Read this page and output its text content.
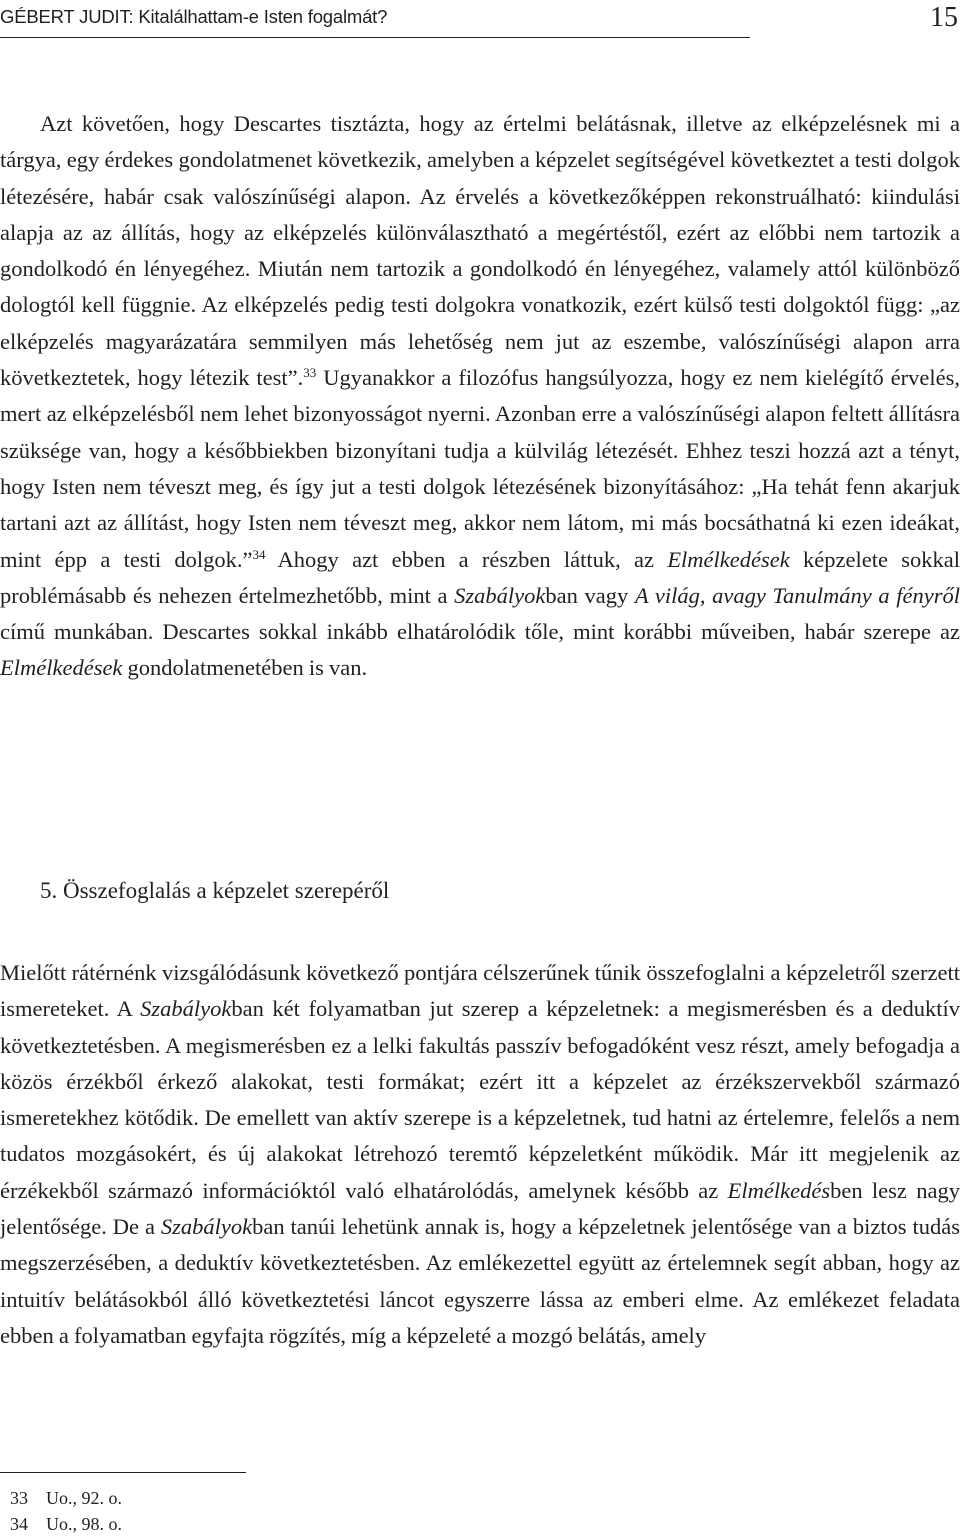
GÉBERT JUDIT: Kitalálhattam-e Isten fogalmát?	15

Azt követően, hogy Descartes tisztázta, hogy az értelmi belátásnak, illetve az elképzelésnek mi a tárgya, egy érdekes gondolatmenet következik, amelyben a képzelet segítségével következtet a testi dolgok létezésére, habár csak valószínűségi alapon. Az érvelés a következőképpen rekonstruálható: kiindulási alapja az az állítás, hogy az elképzelés különválasztható a megértéstől, ezért az előbbi nem tartozik a gondolkodó én lényegéhez. Miután nem tartozik a gondolkodó én lényegéhez, valamely attól különböző dologtól kell függnie. Az elképzelés pedig testi dolgokra vonatkozik, ezért külső testi dolgoktól függ: „az elképzelés magyarázatára semmilyen más lehetőség nem jut az eszembe, valószínűségi alapon arra következtetek, hogy létezik test”.$^{33}$ Ugyanakkor a filozófus hangsúlyozza, hogy ez nem kielégítő érvelés, mert az elképzelésből nem lehet bizonyosságot nyerni. Azonban erre a valószínűségi alapon feltett állításra szüksége van, hogy a későbbiekben bizonyítani tudja a külvilág létezését. Ehhez teszi hozzá azt a tényt, hogy Isten nem téveszt meg, és így jut a testi dolgok létezésének bizonyításához: „Ha tehát fenn akarjuk tartani azt az állítást, hogy Isten nem téveszt meg, akkor nem látom, mi más bocsáthatná ki ezen ideákat, mint épp a testi dolgok.”$^{34}$ Ahogy azt ebben a részben láttuk, az Elmélkedések képzelete sokkal problémásabb és nehezen értelmezhetőbb, mint a Szabályokban vagy A világ, avagy Tanulmány a fényről című munkában. Descartes sokkal inkább elhatárolódik tőle, mint korábbi műveiben, habár szerepe az Elmélkedések gondolatmenetében is van.

5. Összefoglalás a képzelet szerepéről

Mielőtt rátérnénk vizsgálódásunk következő pontjára célszerűnek tűnik összefoglalni a képzeletről szerzett ismereteket. A Szabályokban két folyamatban jut szerep a képzeletnek: a megismerésben és a deduktív következtetésben. A megismerésben ez a lelki fakultás passzív befogadóként vesz részt, amely befogadja a közös érzékből érkező alakokat, testi formákat; ezért itt a képzelet az érzékszervekből származó ismeretekhez kötődik. De emellett van aktív szerepe is a képzeletnek, tud hatni az értelemre, felelős a nem tudatos mozgásokért, és új alakokat létrehozó teremtő képzeletként működik. Már itt megjelenik az érzékekből származó információktól való elhatárolódás, amelynek később az Elmélkedésben lesz nagy jelentősége. De a Szabályokban tanúi lehetünk annak is, hogy a képzeletnek jelentősége van a biztos tudás megszerzésében, a deduktív következtetésben. Az emlékezettel együtt az értelemnek segít abban, hogy az intuitív belátásokból álló következtetési láncot egyszerre lássa az emberi elme. Az emlékezet feladata ebben a folyamatban egyfajta rögzítés, míg a képzeleté a mozgó belátás, amely

33 Uo., 92. o.
34 Uo., 98. o.
